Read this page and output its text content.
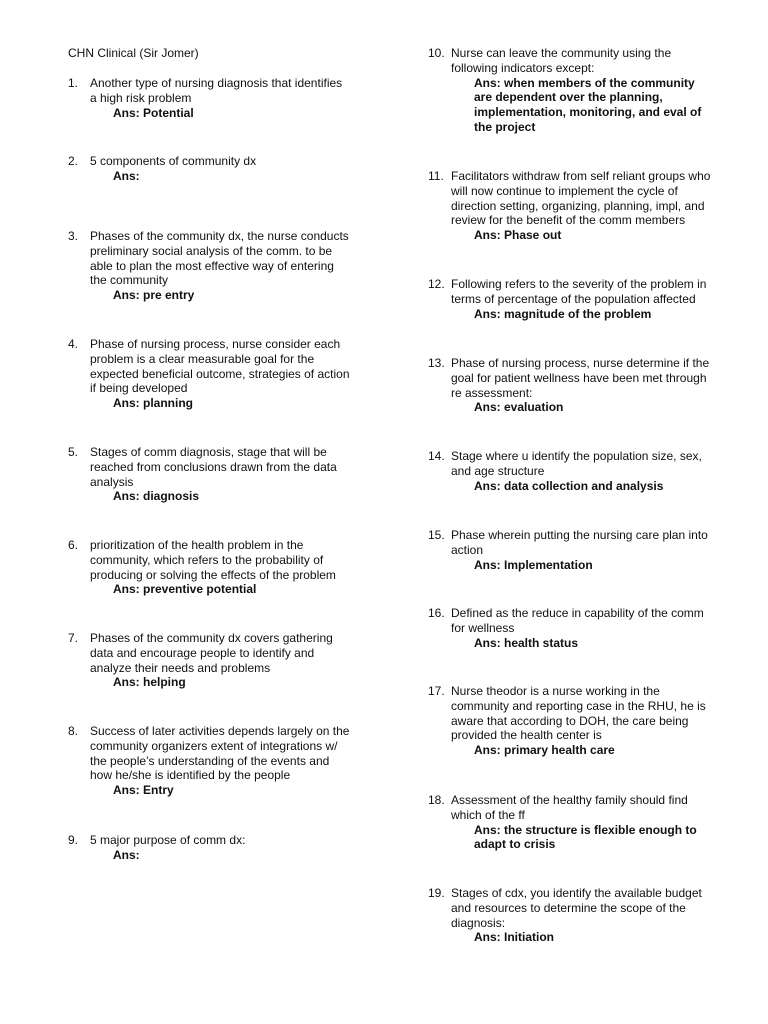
CHN Clinical (Sir Jomer)
1. Another type of nursing diagnosis that identifies
a high risk problem
Ans: Potential
2. 5 components of community dx
Ans:
3. Phases of the community dx, the nurse conducts
preliminary social analysis of the comm. to be
able to plan the most effective way of entering
the community
Ans: pre entry
4. Phase of nursing process, nurse consider each
problem is a clear measurable goal for the
expected beneficial outcome, strategies of action
if being developed
Ans: planning
5. Stages of comm diagnosis, stage that will be
reached from conclusions drawn from the data
analysis
Ans: diagnosis
6. prioritization of the health problem in the
community, which refers to the probability of
producing or solving the effects of the problem
Ans: preventive potential
7. Phases of the community dx covers gathering
data and encourage people to identify and
analyze their needs and problems
Ans: helping
8. Success of later activities depends largely on the
community organizers extent of integrations w/
the people’s understanding of the events and
how he/she is identified by the people
Ans: Entry
9. 5 major purpose of comm dx:
Ans:
10. Nurse can leave the community using the
following indicators except:
Ans: when members of the community
are dependent over the planning,
implementation, monitoring, and eval of
the project
11. Facilitators withdraw from self reliant groups who
will now continue to implement the cycle of
direction setting, organizing, planning, impl, and
review for the benefit of the comm members
Ans: Phase out
12. Following refers to the severity of the problem in
terms of percentage of the population affected
Ans: magnitude of the problem
13. Phase of nursing process, nurse determine if the
goal for patient wellness have been met through
re assessment:
Ans: evaluation
14. Stage where u identify the population size, sex,
and age structure
Ans: data collection and analysis
15. Phase wherein putting the nursing care plan into
action
Ans: Implementation
16. Defined as the reduce in capability of the comm
for wellness
Ans: health status
17. Nurse theodor is a nurse working in the
community and reporting case in the RHU, he is
aware that according to DOH, the care being
provided the health center is
Ans: primary health care
18. Assessment of the healthy family should find
which of the ff
Ans: the structure is flexible enough to
adapt to crisis
19. Stages of cdx, you identify the available budget
and resources to determine the scope of the
diagnosis:
Ans: Initiation
